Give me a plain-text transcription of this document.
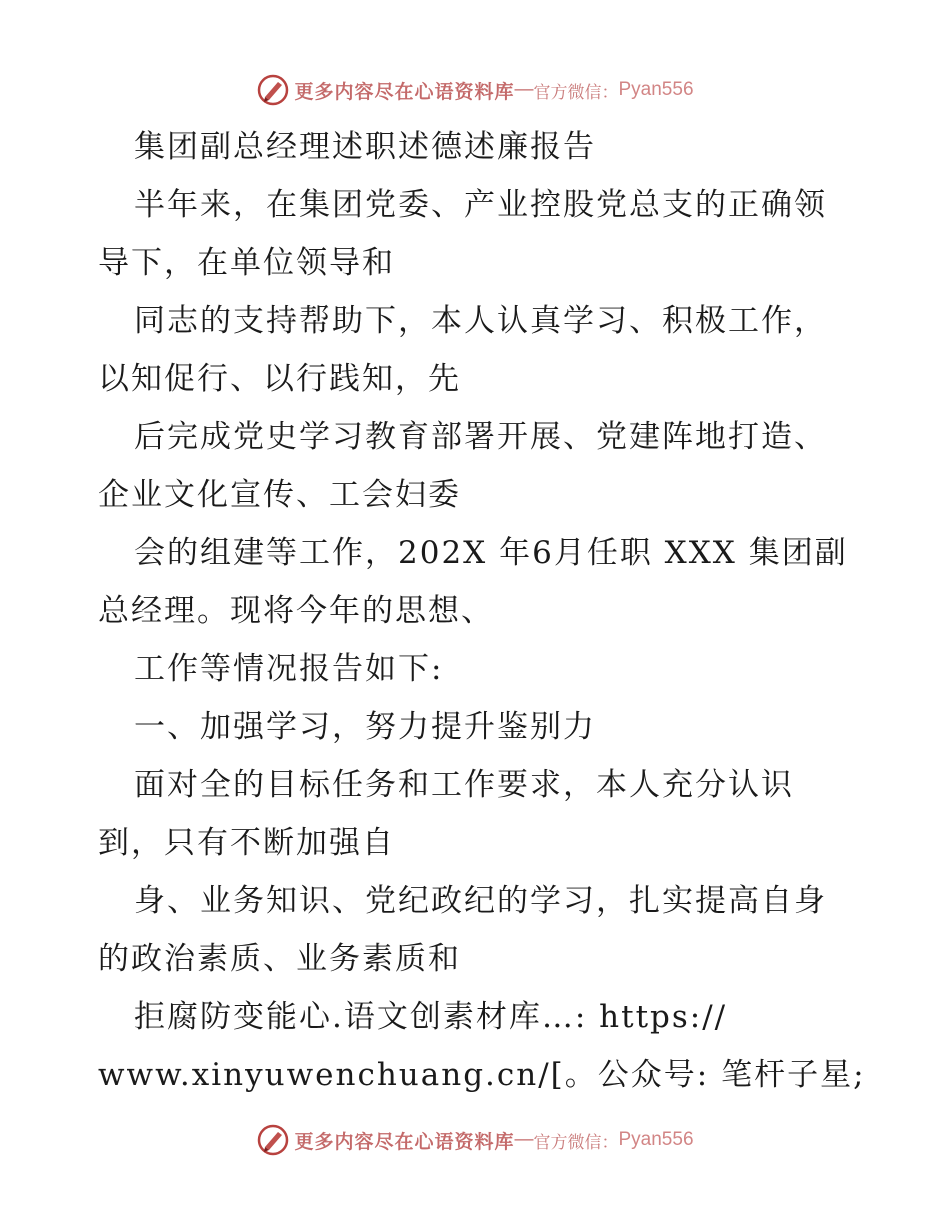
更多内容尽在心语资料库 — 官方微信： Pyan556
集团副总经理述职述德述廉报告
半年来，在集团党委、产业控股党总支的正确领
导下，在单位领导和
同志的支持帮助下，本人认真学习、积极工作，
以知促行、以行践知，先
后完成党史学习教育部署开展、党建阵地打造、
企业文化宣传、工会妇委
会的组建等工作，202X 年6月任职 XXX 集团副
总经理。现将今年的思想、
工作等情况报告如下:
一、加强学习，努力提升鉴别力
面对全的目标任务和工作要求，本人充分认识
到，只有不断加强自
身、业务知识、党纪政纪的学习，扎实提高自身
的政治素质、业务素质和
拒腐防变能心.语文创素材库…: https://
www.xinyuwenchuang.cn/[。公众号: 笔杆子星;
更多内容尽在心语资料库 — 官方微信： Pyan556
